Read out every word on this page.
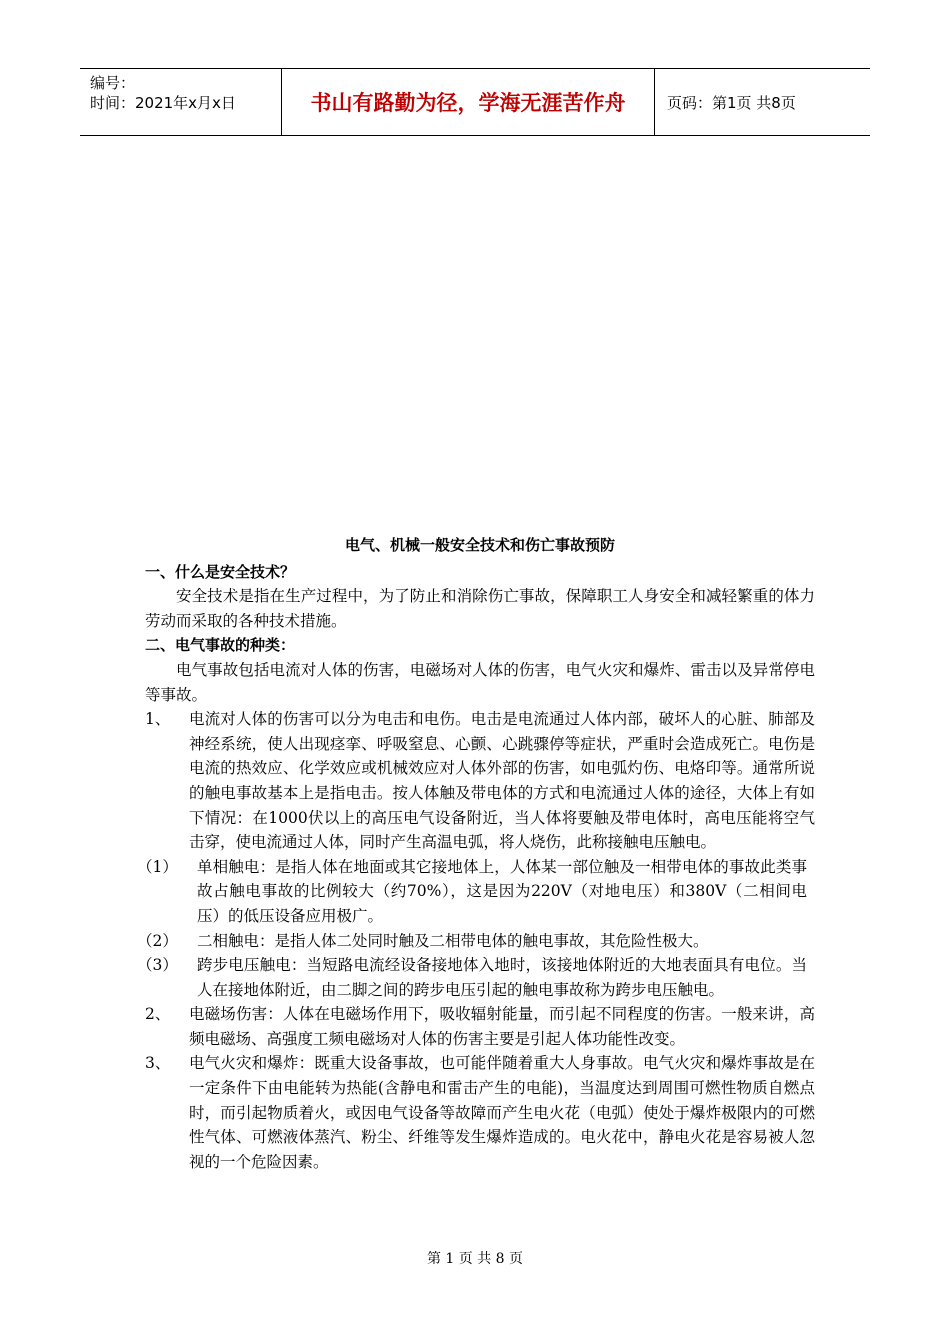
编号：
时间：2021年x月x日	书山有路勤为径，学海无涯苦作舟	页码：第1页 共8页

电气、机械一般安全技术和伤亡事故预防

一、什么是安全技术？

安全技术是指在生产过程中，为了防止和消除伤亡事故，保障职工人身安全和减轻繁重的体力劳动而采取的各种技术措施。

二、电气事故的种类：

电气事故包括电流对人体的伤害，电磁场对人体的伤害，电气火灾和爆炸、雷击以及异常停电等事故。

1、	电流对人体的伤害可以分为电击和电伤。电击是电流通过人体内部，破坏人的心脏、肺部及神经系统，使人出现痉挛、呼吸窒息、心颤、心跳骤停等症状，严重时会造成死亡。电伤是电流的热效应、化学效应或机械效应对人体外部的伤害，如电弧灼伤、电烙印等。通常所说的触电事故基本上是指电击。按人体触及带电体的方式和电流通过人体的途径，大体上有如下情况：在1000伏以上的高压电气设备附近，当人体将要触及带电体时，高电压能将空气击穿，使电流通过人体，同时产生高温电弧，将人烧伤，此称接触电压触电。
（1）	单相触电：是指人体在地面或其它接地体上，人体某一部位触及一相带电体的事故此类事故占触电事故的比例较大（约70%），这是因为220V（对地电压）和380V（二相间电压）的低压设备应用极广。
（2）	二相触电：是指人体二处同时触及二相带电体的触电事故，其危险性极大。
（3）	跨步电压触电：当短路电流经设备接地体入地时，该接地体附近的大地表面具有电位。当人在接地体附近，由二脚之间的跨步电压引起的触电事故称为跨步电压触电。
2、	电磁场伤害：人体在电磁场作用下，吸收辐射能量，而引起不同程度的伤害。一般来讲，高频电磁场、高强度工频电磁场对人体的伤害主要是引起人体功能性改变。
3、	电气火灾和爆炸：既重大设备事故，也可能伴随着重大人身事故。电气火灾和爆炸事故是在一定条件下由电能转为热能(含静电和雷击产生的电能)，当温度达到周围可燃性物质自燃点时，而引起物质着火，或因电气设备等故障而产生电火花（电弧）使处于爆炸极限内的可燃性气体、可燃液体蒸汽、粉尘、纤维等发生爆炸造成的。电火花中，静电火花是容易被人忽视的一个危险因素。
第 1 页 共 8 页
